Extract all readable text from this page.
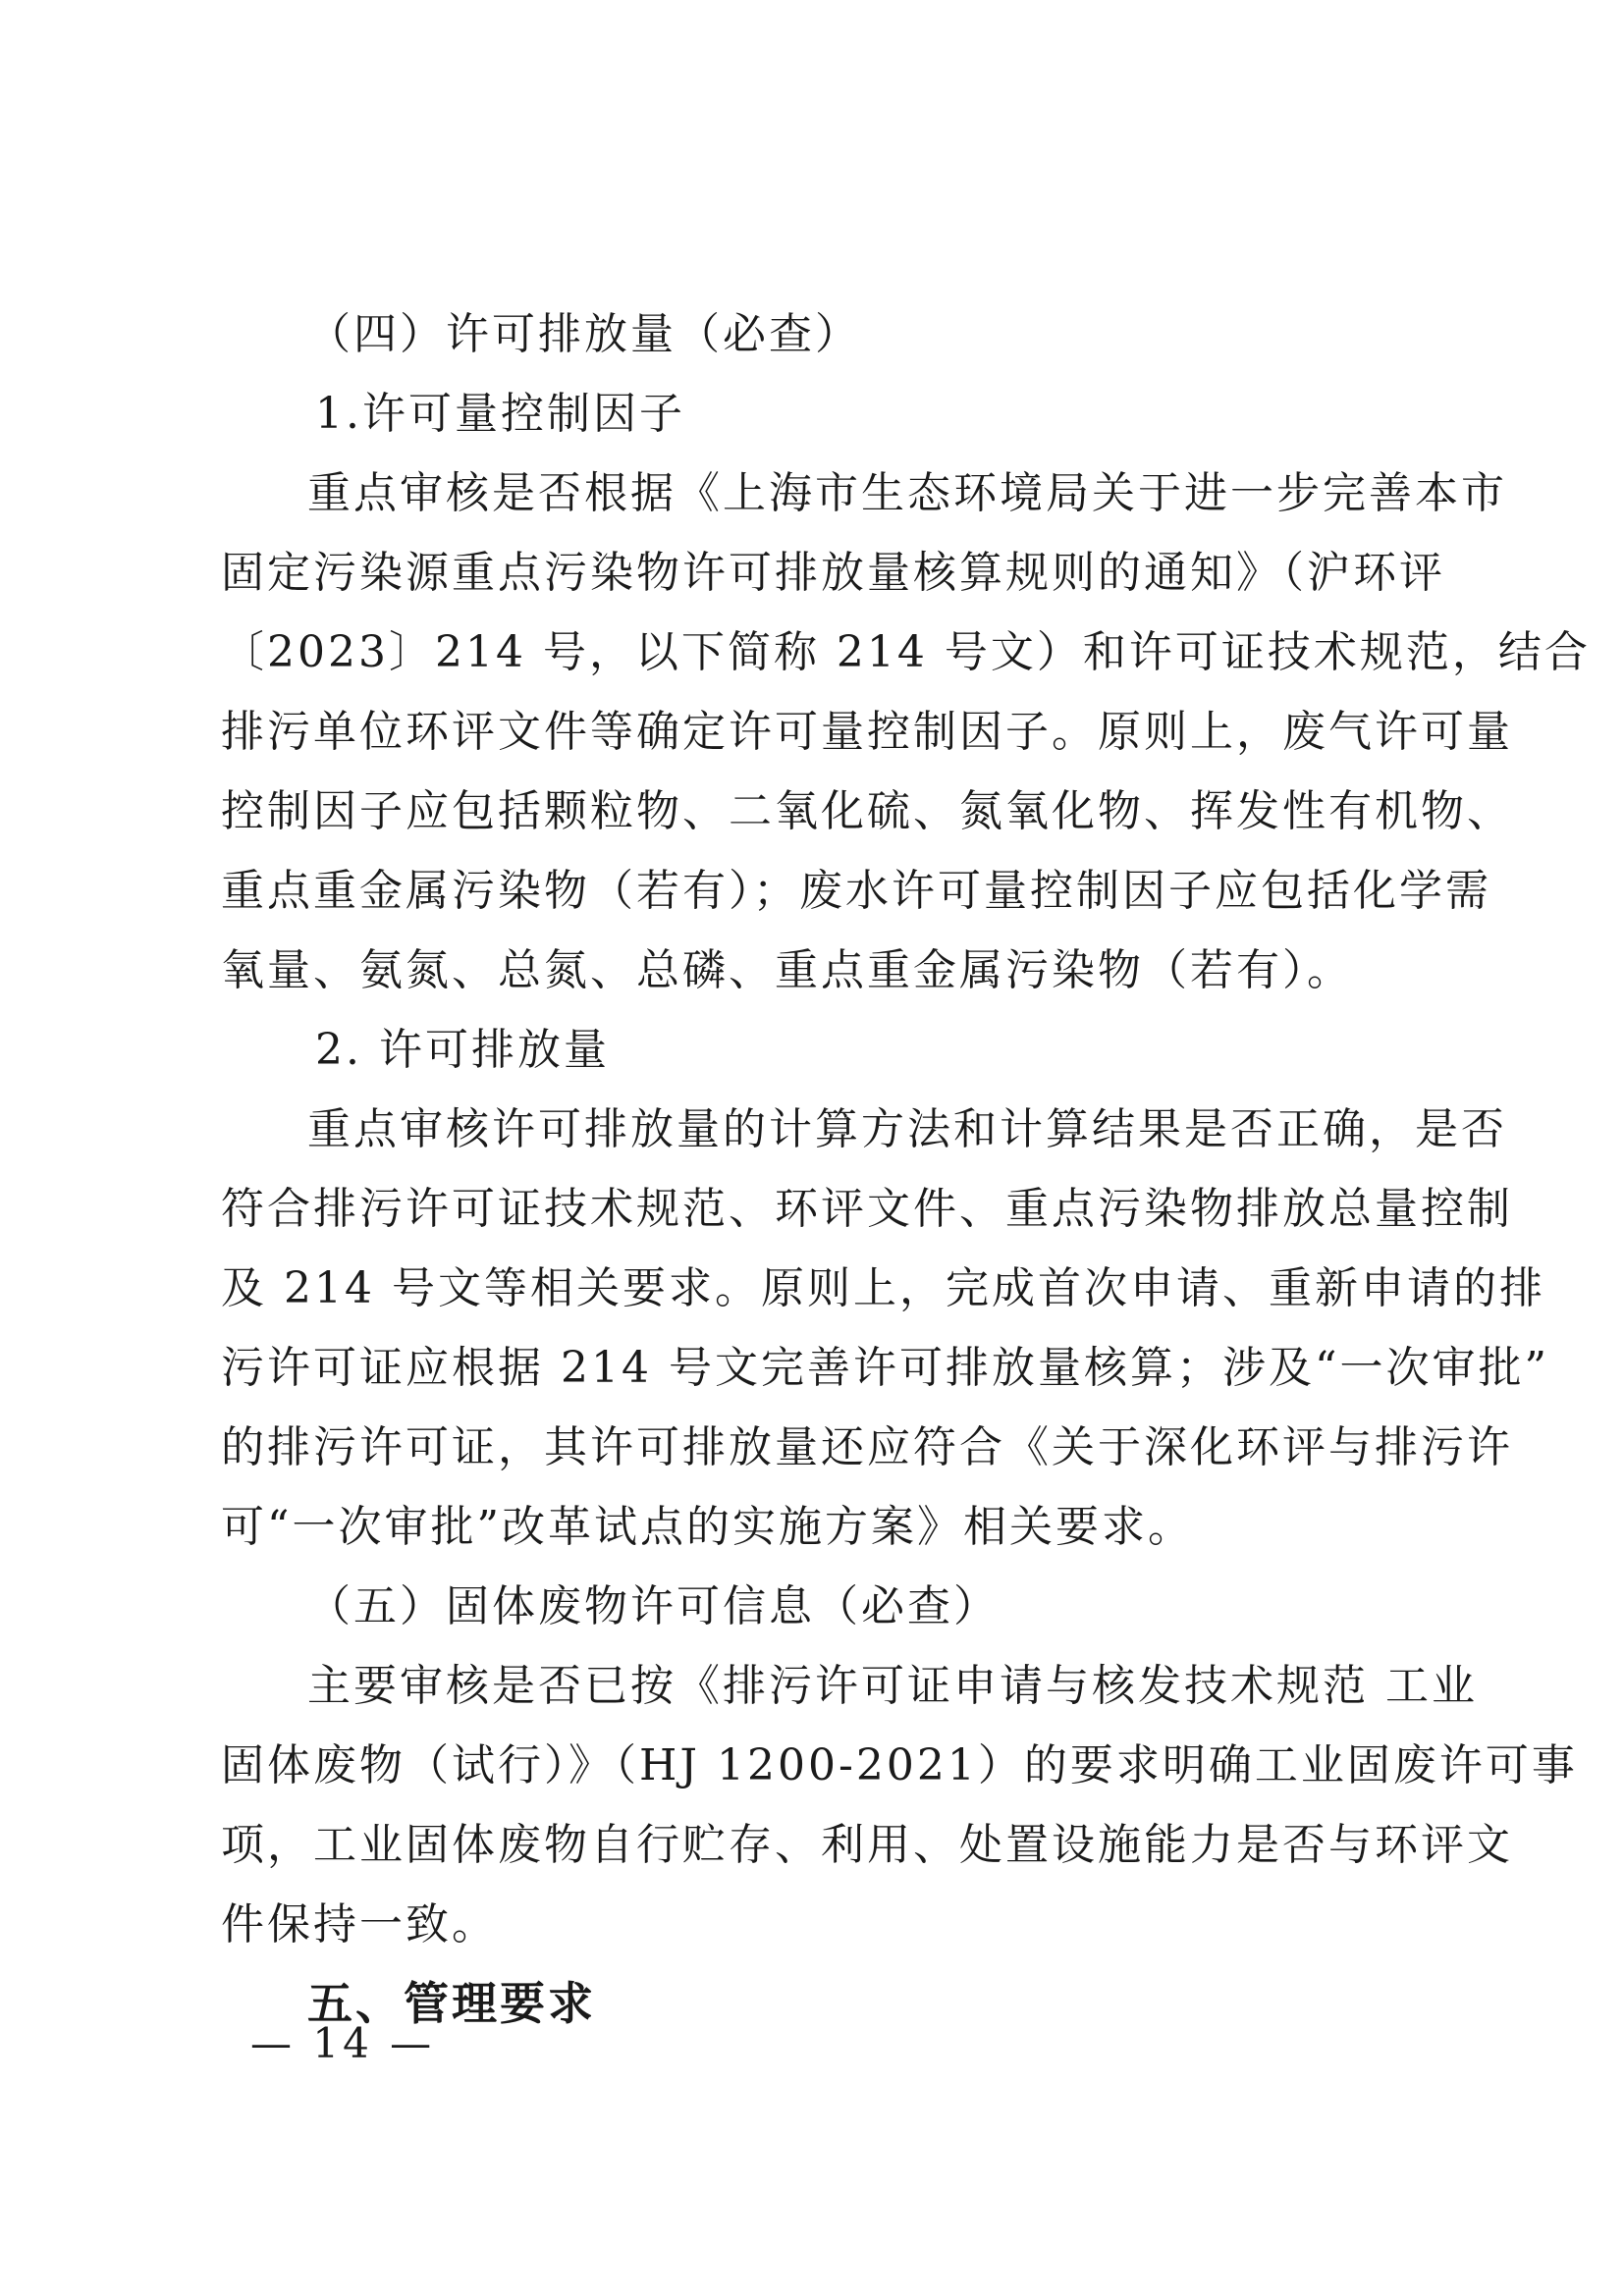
（四）许可排放量（必查）

1.许可量控制因子

重点审核是否根据《上海市生态环境局关于进一步完善本市

固定污染源重点污染物许可排放量核算规则的通知》（沪环评

〔2023〕214 号，以下简称 214 号文）和许可证技术规范，结合

排污单位环评文件等确定许可量控制因子。原则上，废气许可量

控制因子应包括颗粒物、二氧化硫、氮氧化物、挥发性有机物、

重点重金属污染物（若有）；废水许可量控制因子应包括化学需

氧量、氨氮、总氮、总磷、重点重金属污染物（若有）。

2. 许可排放量

重点审核许可排放量的计算方法和计算结果是否正确，是否

符合排污许可证技术规范、环评文件、重点污染物排放总量控制

及 214 号文等相关要求。原则上，完成首次申请、重新申请的排

污许可证应根据 214 号文完善许可排放量核算；涉及“一次审批”

的排污许可证，其许可排放量还应符合《关于深化环评与排污许

可“一次审批”改革试点的实施方案》相关要求。

（五）固体废物许可信息（必查）

主要审核是否已按《排污许可证申请与核发技术规范 工业

固体废物（试行）》（HJ 1200-2021）的要求明确工业固废许可事

项，工业固体废物自行贮存、利用、处置设施能力是否与环评文

件保持一致。

五、管理要求

— 14 —
